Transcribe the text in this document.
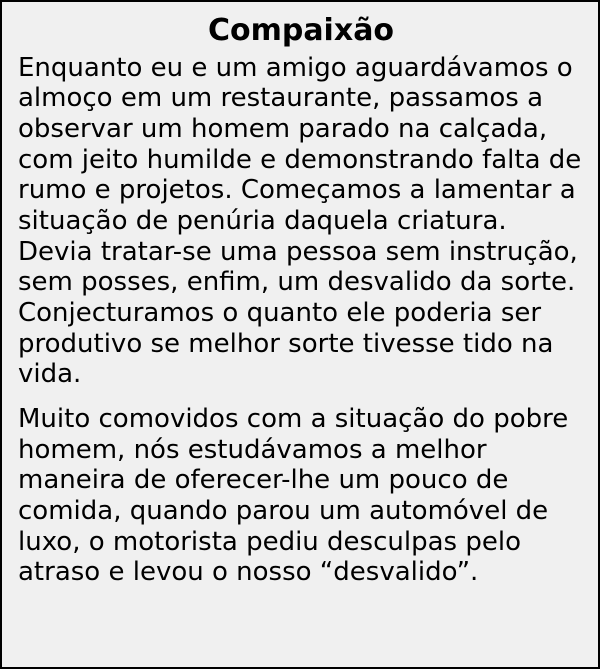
Compaixão

Enquanto eu e um amigo aguardávamos o almoço em um restaurante, passamos a observar um homem parado na calçada, com jeito humilde e demonstrando falta de rumo e projetos. Começamos a lamentar a situação de penúria daquela criatura. Devia tratar-se uma pessoa sem instrução, sem posses, enfim, um desvalido da sorte. Conjecturamos o quanto ele poderia ser produtivo se melhor sorte tivesse tido na vida.

Muito comovidos com a situação do pobre homem, nós estudávamos a melhor maneira de oferecer-lhe um pouco de comida, quando parou um automóvel de luxo, o motorista pediu desculpas pelo atraso e levou o nosso “desvalido”.
